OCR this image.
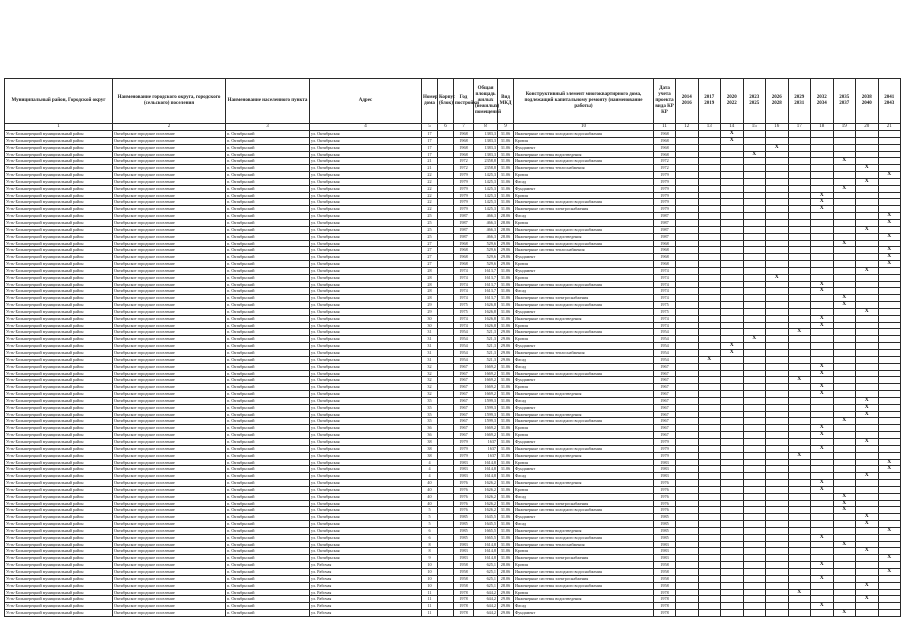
Муниципальный район, Городской округ	Наименование городского округа, городского (сельского) поселения	Наименование населенного пункта	Адрес	Номер дома	Корпус (блок)	Год постройки	Общая площадь жилых (нежилых) помещений	Вид МКД	Конструктивный элемент многоквартирного дома, подлежащий капитальному ремонту (наименование работы)	Дата учета проекта вида КР КР	2014 2016	2017 2019	2020 2022	2023 2025	2026 2028	2029 2031	2032 2034	2035 2037	2038 2040	2041 2043
1	2	3	4	5	6	7	8	9	10	11	12	13	14	15	16	17	18	19	20	21
Усть-Большерецкий муниципальный район	Октябрьское городское поселение	п. Октябрьский	ул. Октябрьская	17		1968	1383,3	31.06	Инженерные системы холодного водоснабжения	1968			X							
Усть-Большерецкий муниципальный район	Октябрьское городское поселение	п. Октябрьский	ул. Октябрьская	17		1968	1383,3	31.06	Кровля	1968			X							
Усть-Большерецкий муниципальный район	Октябрьское городское поселение	п. Октябрьский	ул. Октябрьская	17		1968	1383,3	31.06	Фундамент	1968					X					
Усть-Большерецкий муниципальный район	Октябрьское городское поселение	п. Октябрьский	ул. Октябрьская	17		1968	1383,3	31.06	Инженерные системы водоотведения	1968				X						
Усть-Большерецкий муниципальный район	Октябрьское городское поселение	п. Октябрьский	ул. Октябрьская	21		1972	2358,8	31.06	Инженерные системы холодного водоснабжения	1972								X		
Усть-Большерецкий муниципальный район	Октябрьское городское поселение	п. Октябрьский	ул. Октябрьская	21		1972	2358,8	31.06	Инженерные системы теплоснабжения	1972									X	
Усть-Большерецкий муниципальный район	Октябрьское городское поселение	п. Октябрьский	ул. Октябрьская	22		1979	1425,3	31.06	Кровля	1979										X
Усть-Большерецкий муниципальный район	Октябрьское городское поселение	п. Октябрьский	ул. Октябрьская	22		1979	1425,3	31.06	Фасад	1979									X	
Усть-Большерецкий муниципальный район	Октябрьское городское поселение	п. Октябрьский	ул. Октябрьская	22		1979	1425,3	31.06	Фундамент	1979								X		
Усть-Большерецкий муниципальный район	Октябрьское городское поселение	п. Октябрьский	ул. Октябрьская	22		1979	1425,3	31.06	Кровля	1979							X			
Усть-Большерецкий муниципальный район	Октябрьское городское поселение	п. Октябрьский	ул. Октябрьская	22		1979	1425,3	31.06	Инженерные системы холодного водоснабжения	1979							X			
Усть-Большерецкий муниципальный район	Октябрьское городское поселение	п. Октябрьский	ул. Октябрьская	22		1979	1425,3	31.06	Инженерные системы электроснабжения	1979							X			
Усть-Большерецкий муниципальный район	Октябрьское городское поселение	п. Октябрьский	ул. Октябрьская	25		1987	466,3	28.06	Фасад	1987										X
Усть-Большерецкий муниципальный район	Октябрьское городское поселение	п. Октябрьский	ул. Октябрьская	25		1987	466,3	28.06	Кровля	1987										X
Усть-Большерецкий муниципальный район	Октябрьское городское поселение	п. Октябрьский	ул. Октябрьская	25		1987	466,3	28.06	Инженерные системы холодного водоснабжения	1987									X	
Усть-Большерецкий муниципальный район	Октябрьское городское поселение	п. Октябрьский	ул. Октябрьская	25		1987	466,3	28.06	Инженерные системы водоотведения	1987										X
Усть-Большерецкий муниципальный район	Октябрьское городское поселение	п. Октябрьский	ул. Октябрьская	27		1968	529,6	29.06	Инженерные системы холодного водоснабжения	1968								X		
Усть-Большерецкий муниципальный район	Октябрьское городское поселение	п. Октябрьский	ул. Октябрьская	27		1968	529,6	29.06	Инженерные системы теплоснабжения	1968										X
Усть-Большерецкий муниципальный район	Октябрьское городское поселение	п. Октябрьский	ул. Октябрьская	27		1968	529,6	29.06	Фундамент	1968										X
Усть-Большерецкий муниципальный район	Октябрьское городское поселение	п. Октябрьский	ул. Октябрьская	27		1968	529,6	29.06	Кровля	1968										X
Усть-Большерецкий муниципальный район	Октябрьское городское поселение	п. Октябрьский	ул. Октябрьская	28		1974	1613,7	31.06	Фундамент	1974									X	
Усть-Большерецкий муниципальный район	Октябрьское городское поселение	п. Октябрьский	ул. Октябрьская	28		1974	1613,7	31.06	Кровля	1974					X					
Усть-Большерецкий муниципальный район	Октябрьское городское поселение	п. Октябрьский	ул. Октябрьская	28		1974	1613,7	31.06	Инженерные системы холодного водоснабжения	1974							X			
Усть-Большерецкий муниципальный район	Октябрьское городское поселение	п. Октябрьский	ул. Октябрьская	28		1974	1613,7	31.06	Фасад	1974							X			
Усть-Большерецкий муниципальный район	Октябрьское городское поселение	п. Октябрьский	ул. Октябрьская	28		1974	1613,7	31.06	Инженерные системы электроснабжения	1974								X		
Усть-Большерецкий муниципальный район	Октябрьское городское поселение	п. Октябрьский	ул. Октябрьская	29		1975	1626,8	31.06	Инженерные системы холодного водоснабжения	1975								X		
Усть-Большерецкий муниципальный район	Октябрьское городское поселение	п. Октябрьский	ул. Октябрьская	29		1975	1626,8	31.06	Фундамент	1975									X	
Усть-Большерецкий муниципальный район	Октябрьское городское поселение	п. Октябрьский	ул. Октябрьская	30		1974	1626,8	31.06	Инженерные системы водоотведения	1974							X			
Усть-Большерецкий муниципальный район	Октябрьское городское поселение	п. Октябрьский	ул. Октябрьская	30		1974	1626,8	31.06	Кровля	1974							X			
Усть-Большерецкий муниципальный район	Октябрьское городское поселение	п. Октябрьский	ул. Октябрьская	31		1954	521,3	29.06	Инженерные системы холодного водоснабжения	1954						X				
Усть-Большерецкий муниципальный район	Октябрьское городское поселение	п. Октябрьский	ул. Октябрьская	31		1954	521,3	29.06	Кровля	1954				X						
Усть-Большерецкий муниципальный район	Октябрьское городское поселение	п. Октябрьский	ул. Октябрьская	31		1954	521,3	29.06	Фундамент	1954			X							
Усть-Большерецкий муниципальный район	Октябрьское городское поселение	п. Октябрьский	ул. Октябрьская	31		1954	521,3	29.06	Инженерные системы теплоснабжения	1954			X							
Усть-Большерецкий муниципальный район	Октябрьское городское поселение	п. Октябрьский	ул. Октябрьская	31		1954	521,3	29.06	Фасад	1954		X								
Усть-Большерецкий муниципальный район	Октябрьское городское поселение	п. Октябрьский	ул. Октябрьская	32		1967	1669,2	31.06	Фасад	1967							X			
Усть-Большерецкий муниципальный район	Октябрьское городское поселение	п. Октябрьский	ул. Октябрьская	32		1967	1669,2	31.06	Инженерные системы холодного водоснабжения	1967							X			
Усть-Большерецкий муниципальный район	Октябрьское городское поселение	п. Октябрьский	ул. Октябрьская	32		1967	1669,2	31.06	Фундамент	1967						X				
Усть-Большерецкий муниципальный район	Октябрьское городское поселение	п. Октябрьский	ул. Октябрьская	32		1967	1669,2	31.06	Кровля	1967							X			
Усть-Большерецкий муниципальный район	Октябрьское городское поселение	п. Октябрьский	ул. Октябрьская	32		1967	1669,2	31.06	Инженерные системы водоотведения	1967							X			
Усть-Большерецкий муниципальный район	Октябрьское городское поселение	п. Октябрьский	ул. Октябрьская	35		1967	1599,3	31.06	Фасад	1967									X	
Усть-Большерецкий муниципальный район	Октябрьское городское поселение	п. Октябрьский	ул. Октябрьская	35		1967	1599,3	31.06	Фундамент	1967									X	
Усть-Большерецкий муниципальный район	Октябрьское городское поселение	п. Октябрьский	ул. Октябрьская	35		1967	1599,3	31.06	Инженерные системы водоотведения	1967									X	
Усть-Большерецкий муниципальный район	Октябрьское городское поселение	п. Октябрьский	ул. Октябрьская	35		1967	1599,3	31.06	Инженерные системы холодного водоснабжения	1967								X		
Усть-Большерецкий муниципальный район	Октябрьское городское поселение	п. Октябрьский	ул. Октябрьская	36		1967	1669,2	31.06	Кровля	1967							X			
Усть-Большерецкий муниципальный район	Октябрьское городское поселение	п. Октябрьский	ул. Октябрьская	36		1967	1669,2	31.06	Кровля	1967							X			
Усть-Большерецкий муниципальный район	Октябрьское городское поселение	п. Октябрьский	ул. Октябрьская	38		1979	1637	31.06	Фундамент	1979									X	
Усть-Большерецкий муниципальный район	Октябрьское городское поселение	п. Октябрьский	ул. Октябрьская	38		1979	1637	31.06	Инженерные системы холодного водоснабжения	1979							X			
Усть-Большерецкий муниципальный район	Октябрьское городское поселение	п. Октябрьский	ул. Октябрьская	38		1979	1637	31.06	Инженерные системы водоотведения	1979						X				
Усть-Большерецкий муниципальный район	Октябрьское городское поселение	п. Октябрьский	ул. Октябрьская	4		1983	1614,8	31.06	Кровля	1983										X
Усть-Большерецкий муниципальный район	Октябрьское городское поселение	п. Октябрьский	ул. Октябрьская	4		1983	1614,8	31.06	Фундамент	1983										X
Усть-Большерецкий муниципальный район	Октябрьское городское поселение	п. Октябрьский	ул. Октябрьская	4		1983	1614,8	31.06	Фасад	1983									X	
Усть-Большерецкий муниципальный район	Октябрьское городское поселение	п. Октябрьский	ул. Октябрьская	40		1976	1626,2	31.06	Инженерные системы водоотведения	1976							X			
Усть-Большерецкий муниципальный район	Октябрьское городское поселение	п. Октябрьский	ул. Октябрьская	40		1976	1626,2	31.06	Кровля	1976							X			
Усть-Большерецкий муниципальный район	Октябрьское городское поселение	п. Октябрьский	ул. Октябрьская	40		1976	1626,2	31.06	Фасад	1976								X		
Усть-Большерецкий муниципальный район	Октябрьское городское поселение	п. Октябрьский	ул. Октябрьская	40		1976	1626,2	31.06	Инженерные системы электроснабжения	1976								X		
Усть-Большерецкий муниципальный район	Октябрьское городское поселение	п. Октябрьский	ул. Октябрьская	5		1976	1626,2	31.06	Инженерные системы холодного водоснабжения	1976								X		
Усть-Большерецкий муниципальный район	Октябрьское городское поселение	п. Октябрьский	ул. Октябрьская	5		1985	1645,5	31.06	Фундамент	1985									X	
Усть-Большерецкий муниципальный район	Октябрьское городское поселение	п. Октябрьский	ул. Октябрьская	5		1985	1645,5	31.06	Фасад	1985									X	
Усть-Большерецкий муниципальный район	Октябрьское городское поселение	п. Октябрьский	ул. Октябрьская	6		1985	1665,5	31.06	Инженерные системы водоотведения	1985										X
Усть-Большерецкий муниципальный район	Октябрьское городское поселение	п. Октябрьский	ул. Октябрьская	6		1985	1665,5	31.06	Инженерные системы холодного водоснабжения	1985							X			
Усть-Большерецкий муниципальный район	Октябрьское городское поселение	п. Октябрьский	ул. Октябрьская	8		1983	1614,8	31.06	Инженерные системы теплоснабжения	1983								X		
Усть-Большерецкий муниципальный район	Октябрьское городское поселение	п. Октябрьский	ул. Октябрьская	8		1983	1614,8	31.06	Кровля	1983									X	
Усть-Большерецкий муниципальный район	Октябрьское городское поселение	п. Октябрьский	ул. Октябрьская	9		1983	1614,8	31.06	Инженерные системы электроснабжения	1983										X
Усть-Большерецкий муниципальный район	Октябрьское городское поселение	п. Октябрьский	ул. Рабочая	10		1958	625,1	28.06	Кровля	1958							X			
Усть-Большерецкий муниципальный район	Октябрьское городское поселение	п. Октябрьский	ул. Рабочая	10		1958	625,1	28.06	Инженерные системы холодного водоснабжения	1958										X
Усть-Большерецкий муниципальный район	Октябрьское городское поселение	п. Октябрьский	ул. Рабочая	10		1958	625,1	28.06	Инженерные системы электроснабжения	1958							X			
Усть-Большерецкий муниципальный район	Октябрьское городское поселение	п. Октябрьский	ул. Рабочая	10		1958	625,1	28.06	Инженерные системы холодного водоснабжения	1958									X	
Усть-Большерецкий муниципальный район	Октябрьское городское поселение	п. Октябрьский	ул. Рабочая	11		1978	644,2	29.06	Кровля	1978						X				
Усть-Большерецкий муниципальный район	Октябрьское городское поселение	п. Октябрьский	ул. Рабочая	11		1978	644,2	29.06	Инженерные системы водоотведения	1978									X	
Усть-Большерецкий муниципальный район	Октябрьское городское поселение	п. Октябрьский	ул. Рабочая	11		1978	644,2	29.06	Фасад	1978							X			
Усть-Большерецкий муниципальный район	Октябрьское городское поселение	п. Октябрьский	ул. Рабочая	11		1978	644,2	29.06	Фундамент	1978								X		
